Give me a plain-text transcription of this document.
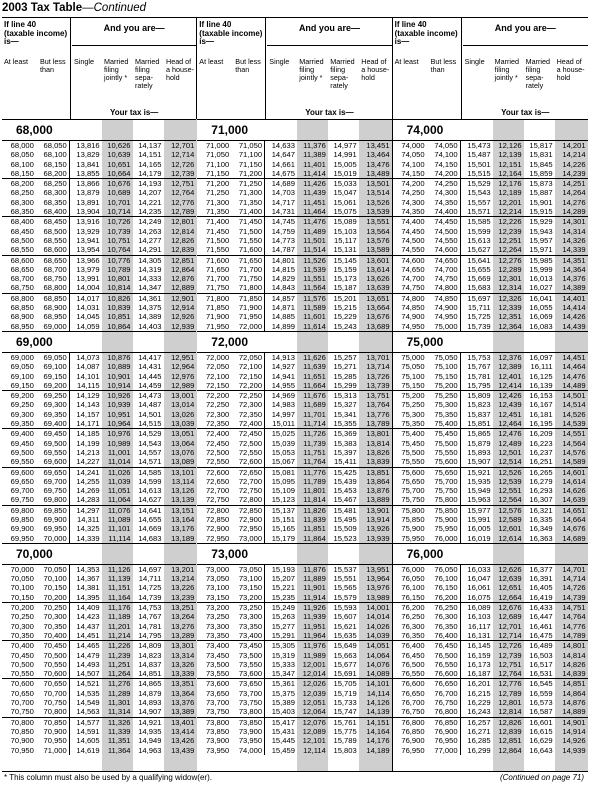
2003 Tax Table—Continued
If line 40 (taxable income) is—
And you are—
At least	But less than
Single	Married filing jointly *
Married filing sepa- rately
Head of a house- hold
Your tax is—
68,000
68,000	68,050	13,816	10,626	14,137	12,701
68,050	68,100	13,829	10,639	14,151	12,714
68,100	68,150	13,841	10,651	14,165	12,726
68,150	68,200	13,855	10,664	14,179	12,739
68,200	68,250	13,866	10,676	14,193	12,751
68,250	68,300	13,879	10,689	14,207	12,764
68,300	68,350	13,891	10,701	14,221	12,776
68,350	68,400	13,904	10,714	14,235	12,789
68,400	68,450	13,916	10,726	14,249	12,801
68,450	68,500	13,929	10,739	14,263	12,814
68,500	68,550	13,941	10,751	14,277	12,826
68,550	68,600	13,954	10,764	14,291	12,839
68,600	68,650	13,966	10,776	14,305	12,851
68,650	68,700	13,979	10,789	14,319	12,864
68,700	68,750	13,991	10,801	14,333	12,876
68,750	68,800	14,004	10,814	14,347	12,889
68,800	68,850	14,017	10,826	14,361	12,901
68,850	68,900	14,031	10,839	14,375	12,914
68,900	68,950	14,045	10,851	14,389	12,926
68,950	69,000	14,059	10,864	14,403	12,939
69,000
69,000	69,050	14,073	10,876	14,417	12,951
69,050	69,100	14,087	10,889	14,431	12,964
69,100	69,150	14,101	10,901	14,445	12,976
69,150	69,200	14,115	10,914	14,459	12,989
69,200	69,250	14,129	10,926	14,473	13,001
69,250	69,300	14,143	10,939	14,487	13,014
69,300	69,350	14,157	10,951	14,501	13,026
69,350	69,400	14,171	10,964	14,515	13,039
69,400	69,450	14,185	10,976	14,529	13,051
69,450	69,500	14,199	10,989	14,543	13,064
69,500	69,550	14,213	11,001	14,557	13,076
69,550	69,600	14,227	11,014	14,571	13,089
69,600	69,650	14,241	11,026	14,585	13,101
69,650	69,700	14,255	11,039	14,599	13,114
69,700	69,750	14,269	11,051	14,613	13,126
69,750	69,800	14,283	11,064	14,627	13,139
69,800	69,850	14,297	11,076	14,641	13,151
69,850	69,900	14,311	11,089	14,655	13,164
69,900	69,950	14,325	11,101	14,669	13,176
69,950	70,000	14,339	11,114	14,683	13,189
70,000
70,000	70,050	14,353	11,126	14,697	13,201
70,050	70,100	14,367	11,139	14,711	13,214
70,100	70,150	14,381	11,151	14,725	13,226
70,150	70,200	14,395	11,164	14,739	13,239
70,200	70,250	14,409	11,176	14,753	13,251
70,250	70,300	14,423	11,189	14,767	13,264
70,300	70,350	14,437	11,201	14,781	13,276
70,350	70,400	14,451	11,214	14,795	13,289
70,400	70,450	14,465	11,226	14,809	13,301
70,450	70,500	14,479	11,239	14,823	13,314
70,500	70,550	14,493	11,251	14,837	13,326
70,550	70,600	14,507	11,264	14,851	13,339
70,600	70,650	14,521	11,276	14,865	13,351
70,650	70,700	14,535	11,289	14,879	13,364
70,700	70,750	14,549	11,301	14,893	13,376
70,750	70,800	14,563	11,314	14,907	13,389
70,800	70,850	14,577	11,326	14,921	13,401
70,850	70,900	14,591	11,339	14,935	13,414
70,900	70,950	14,605	11,351	14,949	13,426
70,950	71,000	14,619	11,364	14,963	13,439
If line 40 (taxable income) is—
And you are—
At least	But less than
Single	Married filing jointly *
Married filing sepa- rately
Head of a house- hold
Your tax is—
71,000
71,000	71,050	14,633	11,376	14,977	13,451
71,050	71,100	14,647	11,389	14,991	13,464
71,100	71,150	14,661	11,401	15,005	13,476
71,150	71,200	14,675	11,414	15,019	13,489
71,200	71,250	14,689	11,426	15,033	13,501
71,250	71,300	14,703	11,439	15,047	13,514
71,300	71,350	14,717	11,451	15,061	13,526
71,350	71,400	14,731	11,464	15,075	13,539
71,400	71,450	14,745	11,476	15,089	13,551
71,450	71,500	14,759	11,489	15,103	13,564
71,500	71,550	14,773	11,501	15,117	13,576
71,550	71,600	14,787	11,514	15,131	13,589
71,600	71,650	14,801	11,526	15,145	13,601
71,650	71,700	14,815	11,539	15,159	13,614
71,700	71,750	14,829	11,551	15,173	13,626
71,750	71,800	14,843	11,564	15,187	13,639
71,800	71,850	14,857	11,576	15,201	13,651
71,850	71,900	14,871	11,589	15,215	13,664
71,900	71,950	14,885	11,601	15,229	13,676
71,950	72,000	14,899	11,614	15,243	13,689
72,000
72,000	72,050	14,913	11,626	15,257	13,701
72,050	72,100	14,927	11,639	15,271	13,714
72,100	72,150	14,941	11,651	15,285	13,726
72,150	72,200	14,955	11,664	15,299	13,739
72,200	72,250	14,969	11,676	15,313	13,751
72,250	72,300	14,983	11,689	15,327	13,764
72,300	72,350	14,997	11,701	15,341	13,776
72,350	72,400	15,011	11,714	15,355	13,789
72,400	72,450	15,025	11,726	15,369	13,801
72,450	72,500	15,039	11,739	15,383	13,814
72,500	72,550	15,053	11,751	15,397	13,826
72,550	72,600	15,067	11,764	15,411	13,839
72,600	72,650	15,081	11,776	15,425	13,851
72,650	72,700	15,095	11,789	15,439	13,864
72,700	72,750	15,109	11,801	15,453	13,876
72,750	72,800	15,123	11,814	15,467	13,889
72,800	72,850	15,137	11,826	15,481	13,901
72,850	72,900	15,151	11,839	15,495	13,914
72,900	72,950	15,165	11,851	15,509	13,926
72,950	73,000	15,179	11,864	15,523	13,939
73,000
73,000	73,050	15,193	11,876	15,537	13,951
73,050	73,100	15,207	11,889	15,551	13,964
73,100	73,150	15,221	11,901	15,565	13,976
73,150	73,200	15,235	11,914	15,579	13,989
73,200	73,250	15,249	11,926	15,593	14,001
73,250	73,300	15,263	11,939	15,607	14,014
73,300	73,350	15,277	11,951	15,621	14,026
73,350	73,400	15,291	11,964	15,635	14,039
73,400	73,450	15,305	11,976	15,649	14,051
73,450	73,500	15,319	11,989	15,663	14,064
73,500	73,550	15,333	12,001	15,677	14,076
73,550	73,600	15,347	12,014	15,691	14,089
73,600	73,650	15,361	12,026	15,705	14,101
73,650	73,700	15,375	12,039	15,719	14,114
73,700	73,750	15,389	12,051	15,733	14,126
73,750	73,800	15,403	12,064	15,747	14,139
73,800	73,850	15,417	12,076	15,761	14,151
73,850	73,900	15,431	12,089	15,775	14,164
73,900	73,950	15,445	12,101	15,789	14,176
73,950	74,000	15,459	12,114	15,803	14,189
If line 40 (taxable income) is—
And you are—
At least	But less than
Single	Married filing jointly *
Married filing sepa- rately
Head of a house- hold
Your tax is—
74,000
74,000	74,050	15,473	12,126	15,817	14,201
74,050	74,100	15,487	12,139	15,831	14,214
74,100	74,150	15,501	12,151	15,845	14,226
74,150	74,200	15,515	12,164	15,859	14,239
74,200	74,250	15,529	12,176	15,873	14,251
74,250	74,300	15,543	12,189	15,887	14,264
74,300	74,350	15,557	12,201	15,901	14,276
74,350	74,400	15,571	12,214	15,915	14,289
74,400	74,450	15,585	12,226	15,929	14,301
74,450	74,500	15,599	12,239	15,943	14,314
74,500	74,550	15,613	12,251	15,957	14,326
74,550	74,600	15,627	12,264	15,971	14,339
74,600	74,650	15,641	12,276	15,985	14,351
74,650	74,700	15,655	12,289	15,999	14,364
74,700	74,750	15,669	12,301	16,013	14,376
74,750	74,800	15,683	12,314	16,027	14,389
74,800	74,850	15,697	12,326	16,041	14,401
74,850	74,900	15,711	12,339	16,055	14,414
74,900	74,950	15,725	12,351	16,069	14,426
74,950	75,000	15,739	12,364	16,083	14,439
75,000
75,000	75,050	15,753	12,376	16,097	14,451
75,050	75,100	15,767	12,389	16,111	14,464
75,100	75,150	15,781	12,401	16,125	14,476
75,150	75,200	15,795	12,414	16,139	14,489
75,200	75,250	15,809	12,426	16,153	14,501
75,250	75,300	15,823	12,439	16,167	14,514
75,300	75,350	15,837	12,451	16,181	14,526
75,350	75,400	15,851	12,464	16,195	14,539
75,400	75,450	15,865	12,476	16,209	14,551
75,450	75,500	15,879	12,489	16,223	14,564
75,500	75,550	15,893	12,501	16,237	14,576
75,550	75,600	15,907	12,514	16,251	14,589
75,600	75,650	15,921	12,526	16,265	14,601
75,650	75,700	15,935	12,539	16,279	14,614
75,700	75,750	15,949	12,551	16,293	14,626
75,750	75,800	15,963	12,564	16,307	14,639
75,800	75,850	15,977	12,576	16,321	14,651
75,850	75,900	15,991	12,589	16,335	14,664
75,900	75,950	16,005	12,601	16,349	14,676
75,950	76,000	16,019	12,614	16,363	14,689
76,000
76,000	76,050	16,033	12,626	16,377	14,701
76,050	76,100	16,047	12,639	16,391	14,714
76,100	76,150	16,061	12,651	16,405	14,726
76,150	76,200	16,075	12,664	16,419	14,739
76,200	76,250	16,089	12,676	16,433	14,751
76,250	76,300	16,103	12,689	16,447	14,764
76,300	76,350	16,117	12,701	16,461	14,776
76,350	76,400	16,131	12,714	16,475	14,789
76,400	76,450	16,145	12,726	16,489	14,801
76,450	76,500	16,159	12,739	16,503	14,814
76,500	76,550	16,173	12,751	16,517	14,826
76,550	76,600	16,187	12,764	16,531	14,839
76,600	76,650	16,201	12,776	16,545	14,851
76,650	76,700	16,215	12,789	16,559	14,864
76,700	76,750	16,229	12,801	16,573	14,876
76,750	76,800	16,243	12,814	16,587	14,889
76,800	76,850	16,257	12,826	16,601	14,901
76,850	76,900	16,271	12,839	16,615	14,914
76,900	76,950	16,285	12,851	16,629	14,926
76,950	77,000	16,299	12,864	16,643	14,939
* This column must also be used by a qualifying widow(er).	(Continued on page 71)
